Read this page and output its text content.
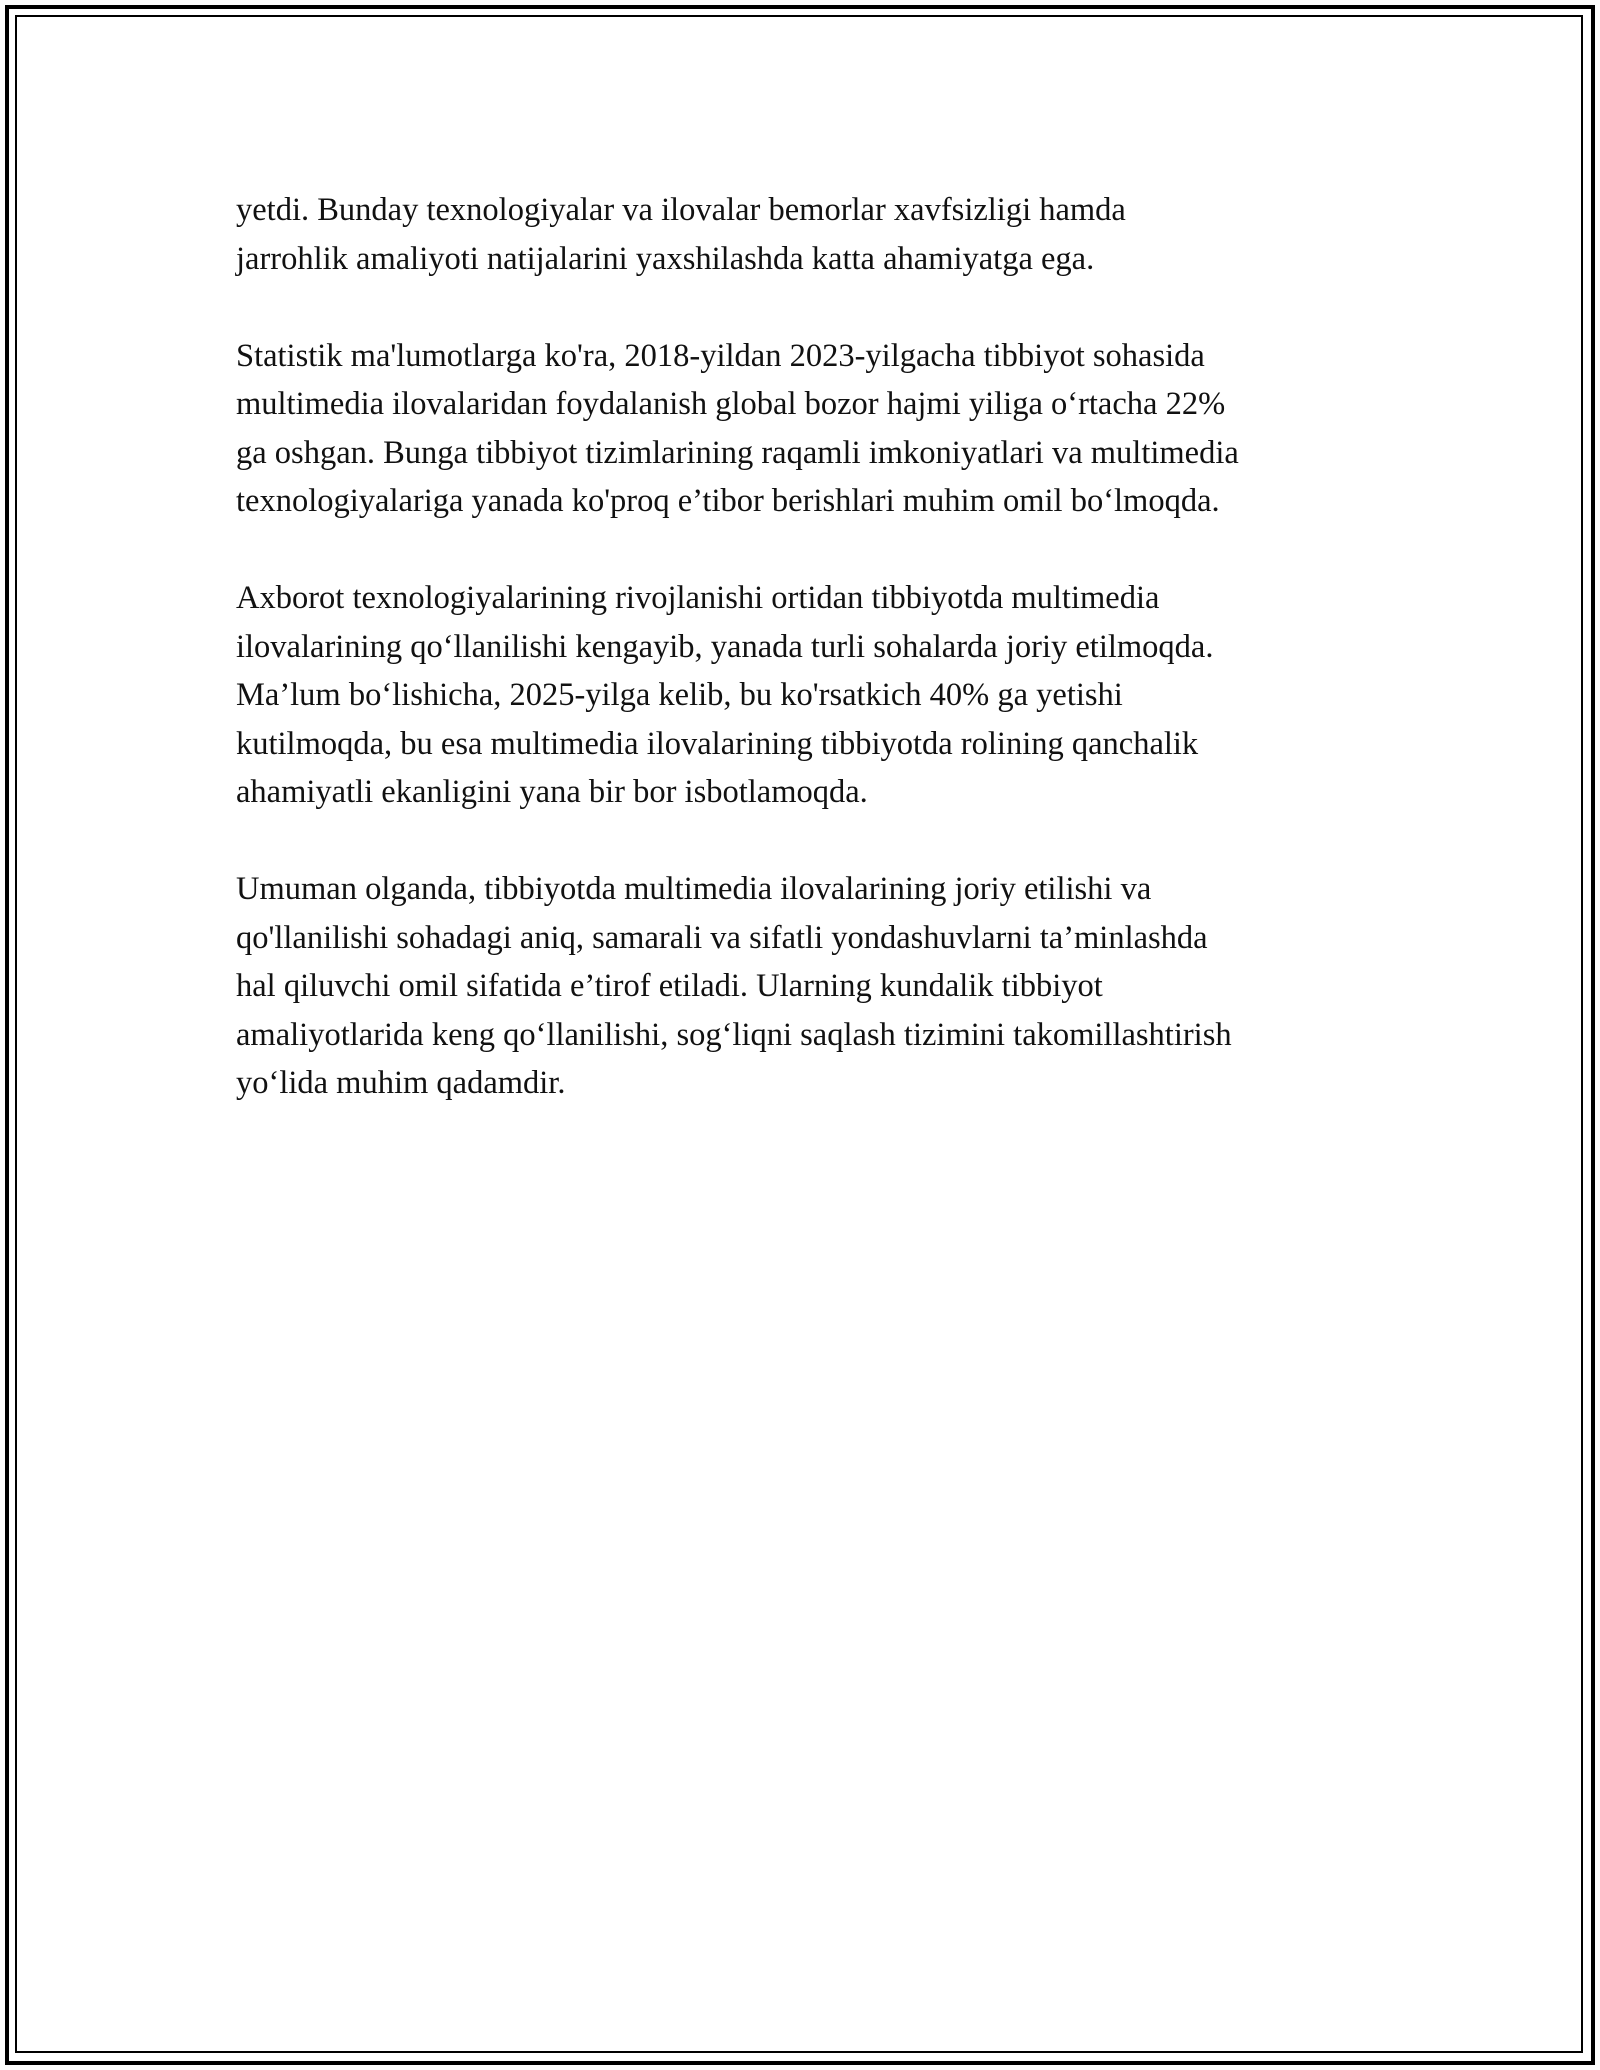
yetdi. Bunday texnologiyalar va ilovalar bemorlar xavfsizligi hamda
jarrohlik amaliyoti natijalarini yaxshilashda katta ahamiyatga ega.

Statistik ma'lumotlarga ko'ra, 2018-yildan 2023-yilgacha tibbiyot sohasida
multimedia ilovalaridan foydalanish global bozor hajmi yiliga o‘rtacha 22%
ga oshgan. Bunga tibbiyot tizimlarining raqamli imkoniyatlari va multimedia
texnologiyalariga yanada ko'proq e’tibor berishlari muhim omil bo‘lmoqda.

Axborot texnologiyalarining rivojlanishi ortidan tibbiyotda multimedia
ilovalarining qo‘llanilishi kengayib, yanada turli sohalarda joriy etilmoqda.
Ma’lum bo‘lishicha, 2025-yilga kelib, bu ko'rsatkich 40% ga yetishi
kutilmoqda, bu esa multimedia ilovalarining tibbiyotda rolining qanchalik
ahamiyatli ekanligini yana bir bor isbotlamoqda.

Umuman olganda, tibbiyotda multimedia ilovalarining joriy etilishi va
qo'llanilishi sohadagi aniq, samarali va sifatli yondashuvlarni ta’minlashda
hal qiluvchi omil sifatida e’tirof etiladi. Ularning kundalik tibbiyot
amaliyotlarida keng qo‘llanilishi, sog‘liqni saqlash tizimini takomillashtirish
yo‘lida muhim qadamdir.
